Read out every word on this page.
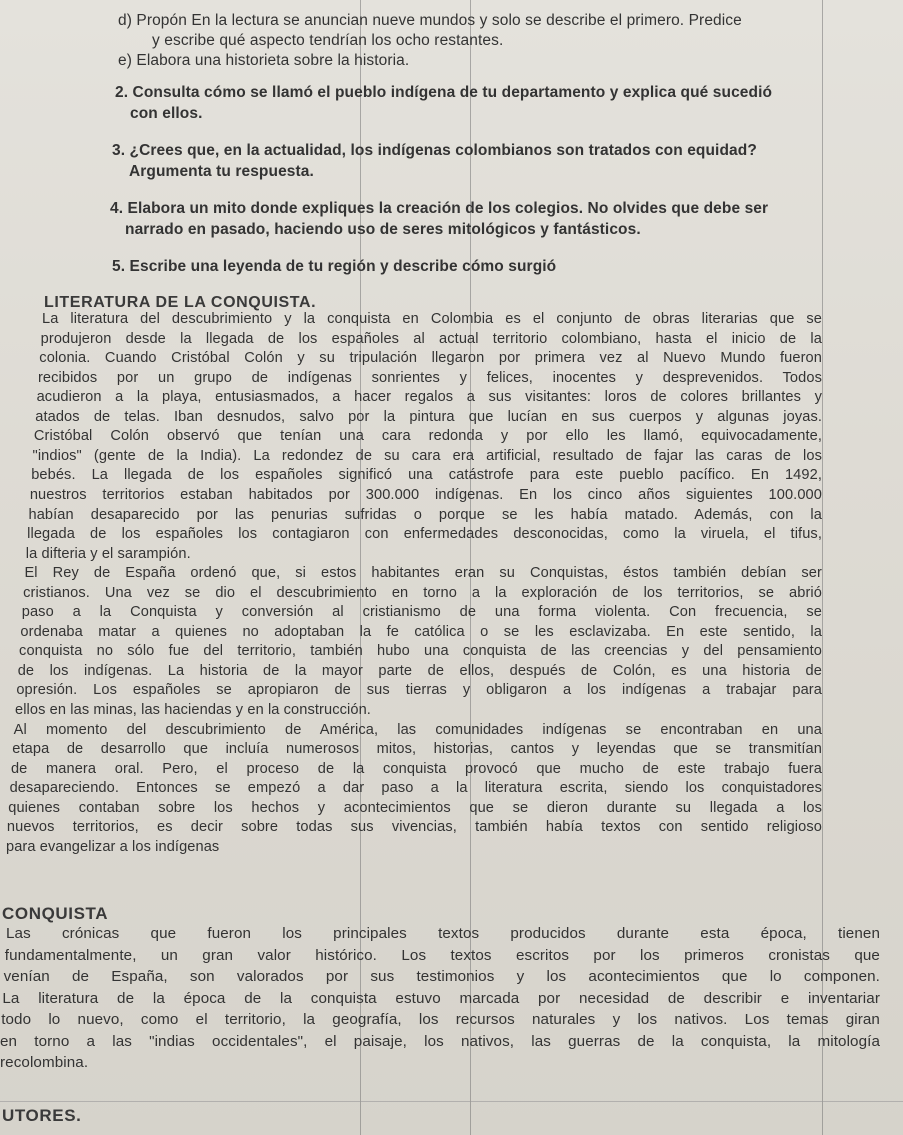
d) Propón En la lectura se anuncian nueve mundos y solo se describe el primero. Predice
y escribe qué aspecto tendrían los ocho restantes.
e) Elabora una historieta sobre la historia.
2. Consulta cómo se llamó el pueblo indígena de tu departamento y explica qué sucedió
con ellos.
3. ¿Crees que, en la actualidad, los indígenas colombianos son tratados con equidad?
Argumenta tu respuesta.
4. Elabora un mito donde expliques la creación de los colegios. No olvides que debe ser
narrado en pasado, haciendo uso de seres mitológicos y fantásticos.
5. Escribe una leyenda de tu región y describe cómo surgió
LITERATURA DE LA CONQUISTA.
La literatura del descubrimiento y la conquista en Colombia es el conjunto de obras literarias que se
produjeron desde la llegada de los españoles al actual territorio colombiano, hasta el inicio de la
colonia. Cuando Cristóbal Colón y su tripulación llegaron por primera vez al Nuevo Mundo fueron
recibidos por un grupo de indígenas sonrientes y felices, inocentes y desprevenidos. Todos
acudieron a la playa, entusiasmados, a hacer regalos a sus visitantes: loros de colores brillantes y
atados de telas. Iban desnudos, salvo por la pintura que lucían en sus cuerpos y algunas joyas.
Cristóbal Colón observó que tenían una cara redonda y por ello les llamó, equivocadamente,
"indios" (gente de la India). La redondez de su cara era artificial, resultado de fajar las caras de los
bebés. La llegada de los españoles significó una catástrofe para este pueblo pacífico. En 1492,
nuestros territorios estaban habitados por 300.000 indígenas. En los cinco años siguientes 100.000
habían desaparecido por las penurias sufridas o porque se les había matado. Además, con la
llegada de los españoles los contagiaron con enfermedades desconocidas, como la viruela, el tifus,
la difteria y el sarampión.
El Rey de España ordenó que, si estos habitantes eran su Conquistas, éstos también debían ser
cristianos. Una vez se dio el descubrimiento en torno a la exploración de los territorios, se abrió
paso a la Conquista y conversión al cristianismo de una forma violenta. Con frecuencia, se
ordenaba matar a quienes no adoptaban la fe católica o se les esclavizaba. En este sentido, la
conquista no sólo fue del territorio, también hubo una conquista de las creencias y del pensamiento
de los indígenas. La historia de la mayor parte de ellos, después de Colón, es una historia de
opresión. Los españoles se apropiaron de sus tierras y obligaron a los indígenas a trabajar para
ellos en las minas, las haciendas y en la construcción.
Al momento del descubrimiento de América, las comunidades indígenas se encontraban en una
etapa de desarrollo que incluía numerosos mitos, historias, cantos y leyendas que se transmitían
de manera oral. Pero, el proceso de la conquista provocó que mucho de este trabajo fuera
desapareciendo. Entonces se empezó a dar paso a la literatura escrita, siendo los conquistadores
quienes contaban sobre los hechos y acontecimientos que se dieron durante su llegada a los
nuevos territorios, es decir sobre todas sus vivencias, también había textos con sentido religioso
para evangelizar a los indígenas
CONQUISTA
Las crónicas que fueron los principales textos producidos durante esta época, tienen
fundamentalmente, un gran valor histórico. Los textos escritos por los primeros cronistas que
venían de España, son valorados por sus testimonios y los acontecimientos que lo componen.
La literatura de la época de la conquista estuvo marcada por necesidad de describir e inventariar
todo lo nuevo, como el territorio, la geografía, los recursos naturales y los nativos. Los temas giran
en torno a las "indias occidentales", el paisaje, los nativos, las guerras de la conquista, la mitología
recolombina.
UTORES.
